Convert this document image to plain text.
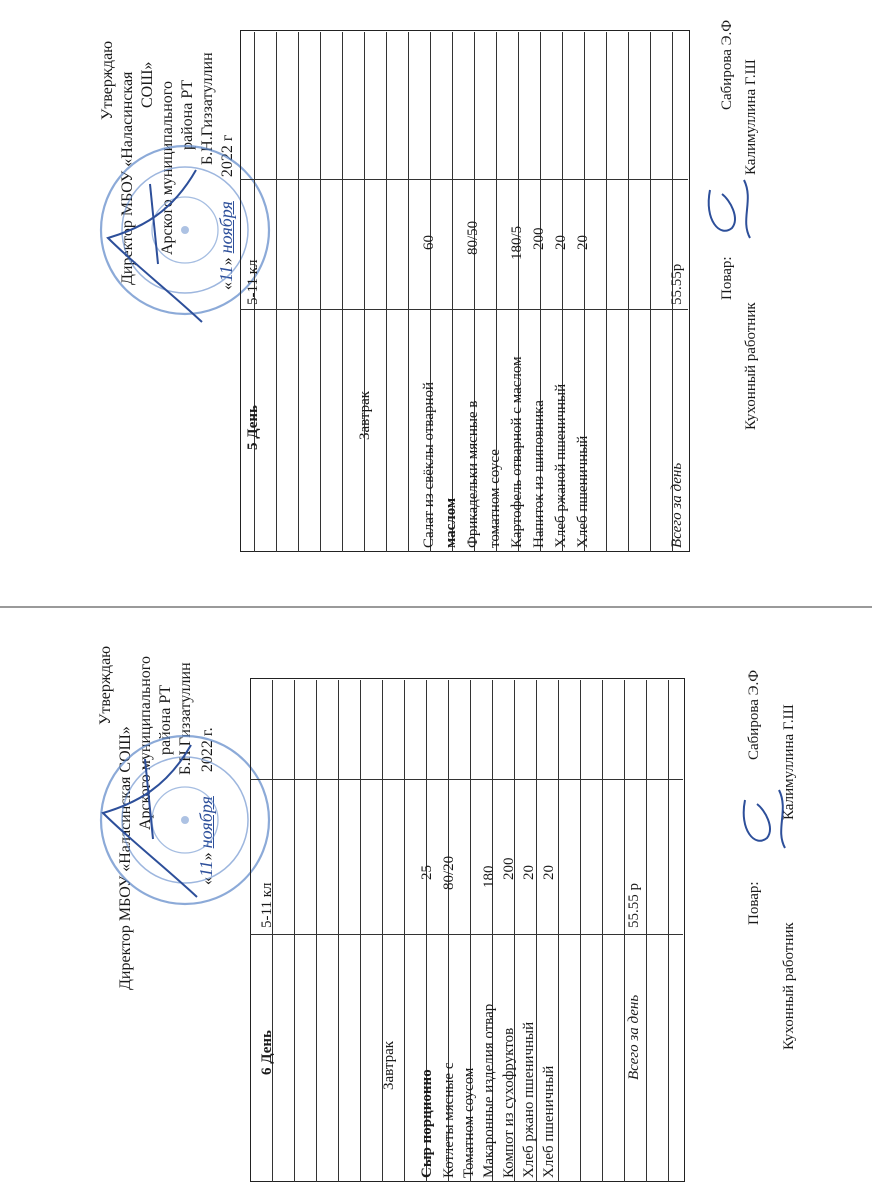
Утверждаю Директор МБОУ «Наласинская СОШ» Арского муниципального района РТ Б.Н.Гиззатуллин
«11» ноября      2022 г
5 День
5-11 кл
Завтрак	Салат из свёклы отварной
60
маслом Фрикадельки мясные в
80/50
томатном соусе Картофель отварной с маслом
180/5
Напиток из шиповника
200
Хлеб ржаной пшеничный
20
Хлеб пшеничный
20
Всего за день
55.55р Повар:
Сабирова Э.Ф
Кухонный работник
Калимуллина Г.Ш
Утверждаю
Директор МБОУ «Наласинская СОШ» Арского муниципального района РТ Б.Н.Гиззатуллин
«11» ноября      2022 г.
6 День
5-11 кл
Завтрак
Сыр порционно
25
Котлеты мясные с
80/20
Томатном соусом Макаронные изделия отвар
180
Компот из сухофруктов
200
Хлеб ржано пшеничный
20
Хлеб пшеничный
20
Всего за день
55.55 р	Повар:
Сабирова Э.Ф
Кухонный работник
Калимуллина Г.Ш
